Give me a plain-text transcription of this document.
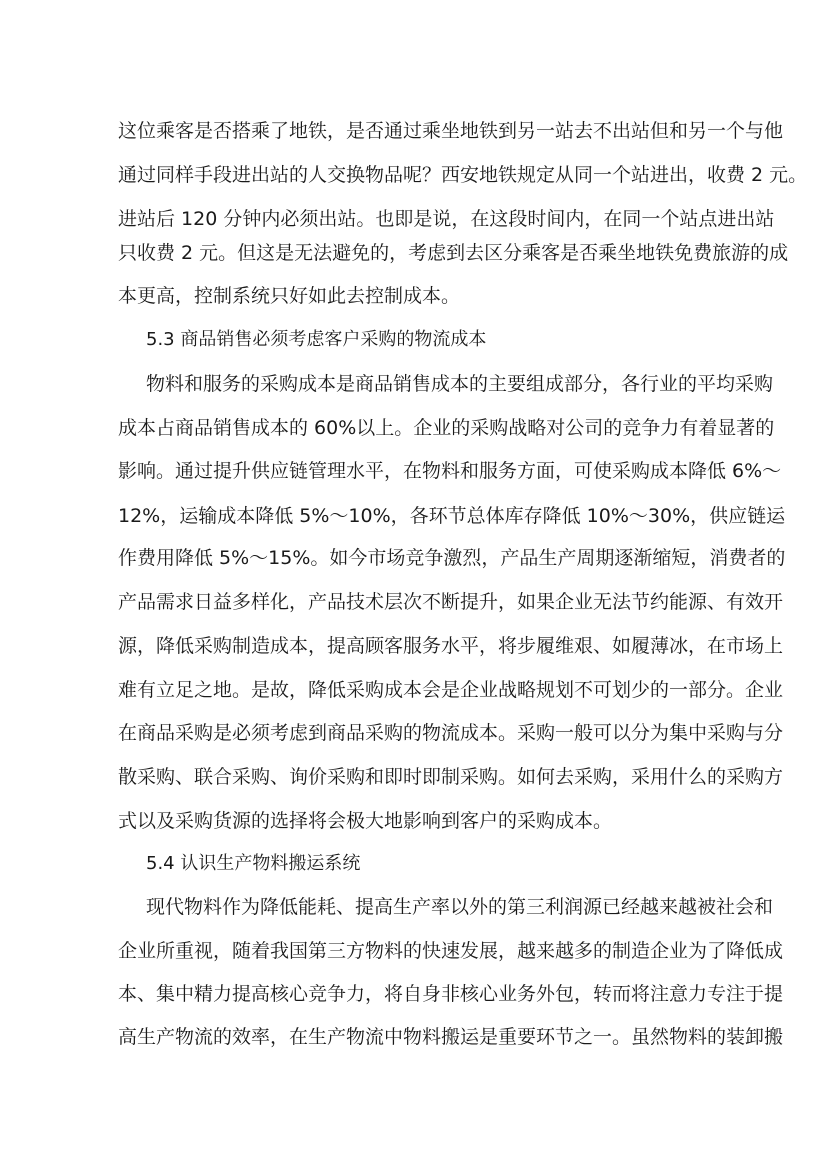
这位乘客是否搭乘了地铁，是否通过乘坐地铁到另一站去不出站但和另一个与他
通过同样手段进出站的人交换物品呢？西安地铁规定从同一个站进出，收费 2 元。
进站后 120 分钟内必须出站。也即是说，在这段时间内，在同一个站点进出站
只收费 2 元。但这是无法避免的，考虑到去区分乘客是否乘坐地铁免费旅游的成
本更高，控制系统只好如此去控制成本。
5.3 商品销售必须考虑客户采购的物流成本
物料和服务的采购成本是商品销售成本的主要组成部分，各行业的平均采购
成本占商品销售成本的 60%以上。企业的采购战略对公司的竞争力有着显著的
影响。通过提升供应链管理水平，在物料和服务方面，可使采购成本降低 6%～
12%，运输成本降低 5%～10%，各环节总体库存降低 10%～30%，供应链运
作费用降低 5%～15%。如今市场竞争激烈，产品生产周期逐渐缩短，消费者的
产品需求日益多样化，产品技术层次不断提升，如果企业无法节约能源、有效开
源，降低采购制造成本，提高顾客服务水平，将步履维艰、如履薄冰，在市场上
难有立足之地。是故，降低采购成本会是企业战略规划不可划少的一部分。企业
在商品采购是必须考虑到商品采购的物流成本。采购一般可以分为集中采购与分
散采购、联合采购、询价采购和即时即制采购。如何去采购，采用什么的采购方
式以及采购货源的选择将会极大地影响到客户的采购成本。
5.4 认识生产物料搬运系统
现代物料作为降低能耗、提高生产率以外的第三利润源已经越来越被社会和
企业所重视，随着我国第三方物料的快速发展，越来越多的制造企业为了降低成
本、集中精力提高核心竞争力，将自身非核心业务外包，转而将注意力专注于提
高生产物流的效率，在生产物流中物料搬运是重要环节之一。虽然物料的装卸搬
